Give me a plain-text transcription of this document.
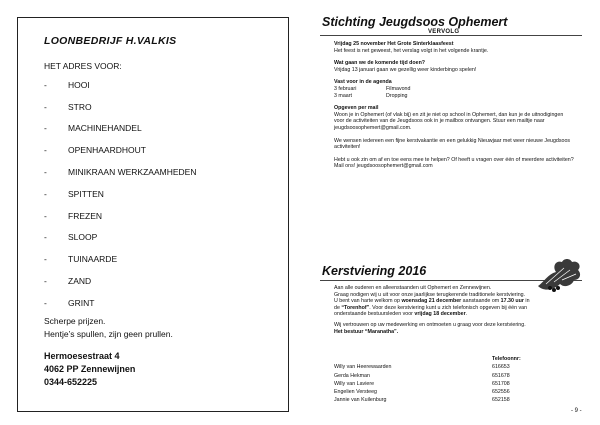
LOONBEDRIJF H.VALKIS
HET ADRES VOOR:
-	HOOI
-	STRO
-	MACHINEHANDEL
-	OPENHAARDHOUT
-	MINIKRAAN WERKZAAMHEDEN
-	SPITTEN
-	FREZEN
-	SLOOP
-	TUINAARDE
-	ZAND
-	GRINT
Scherpe prijzen.
Hentje’s spullen, zijn geen prullen.
Hermoesestraat 4
4062 PP Zennewijnen
0344-652225
Stichting Jeugdsoos Ophemert
VERVOLG
Vrijdag 25 november Het Grote Sinterklaasfeest
Het feest is net geweest, het verslag volgt in het volgende krantje.
Wat gaan we de komende tijd doen?
Vrijdag 13 januari gaan we gezellig weer kinderbingo spelen!
Vast voor in de agenda
3 februari	Filmavond
3 maart	Dropping
Opgeven per mail
Woon je in Ophemert (of vlak bij) en zit je niet op school in Ophemert, dan kun je de uitnodigingen voor de activiteiten van de Jeugdsoos ook in je mailbox ontvangen. Stuur een mailtje naar jeugdsoosophemert@gmail.com.
We wensen iedereen een fijne kerstvakantie en een gelukkig Nieuwjaar met weer nieuwe Jeugdsoos activiteiten!
Hebt u ook zin om af en toe eens mee te helpen? Of heeft u vragen over één of meerdere activiteiten? Mail ons! jeugdsoosophemert@gmail.com
Kerstviering 2016
Aan alle ouderen en alleenstaanden uit Ophemert en Zennewijnen.
Graag nodigen wij u uit voor onze jaarlijkse terugkerende traditionele kerstviering.
U bent van harte welkom op woensdag 21 december aanstaande om 17.30 uur in
de “Torenhof”. Voor deze kerstviering kunt u zich telefonisch opgeven bij één van
onderstaande bestuursleden voor vrijdag 18 december.
Wij vertrouwen op uw medewerking en ontmoeten u graag voor deze kerstviering.
Het bestuur “Maranatha”.
Telefoonnr:
Willy van Heerewaarden	616653
Gerda Hekman	651678
Willy van Laviere	651708
Engelien Versteeg	652556
Jannie van Kuilenburg	652158
- 9 -
